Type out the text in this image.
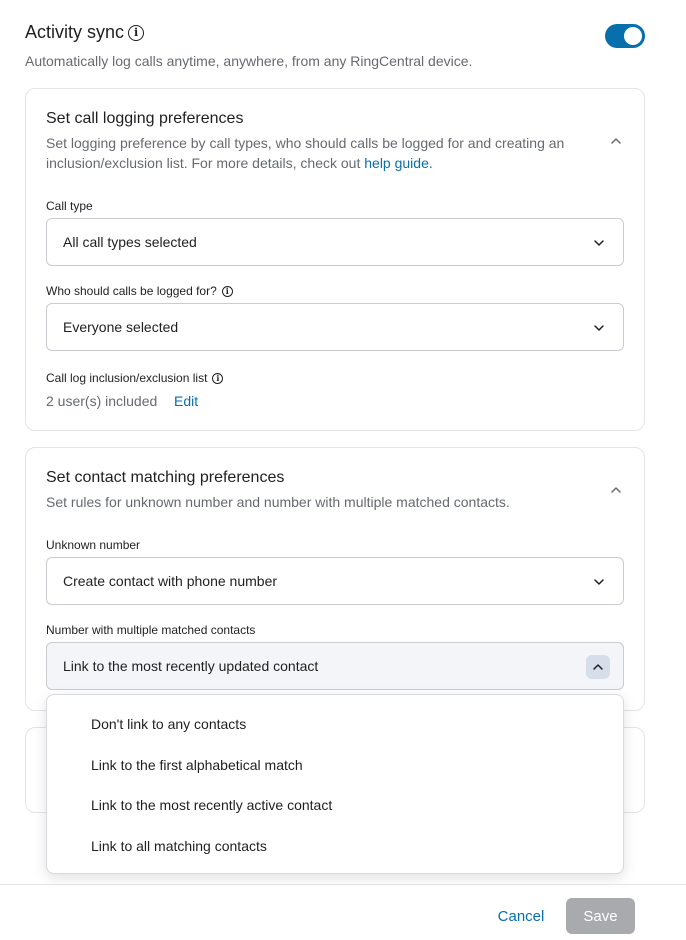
Activity sync i
Automatically log calls anytime, anywhere, from any RingCentral device.
Set call logging preferences
Set logging preference by call types, who should calls be logged for and creating an inclusion/exclusion list. For more details, check out help guide.
Call type
All call types selected
Who should calls be logged for?	i
Everyone selected
Call log inclusion/exclusion list	i
2 user(s) included Edit
Set contact matching preferences
Set rules for unknown number and number with multiple matched contacts.
Unknown number
Create contact with phone number
Number with multiple matched contacts
Link to the most recently updated contact
Don't link to any contacts
Link to the first alphabetical match
Link to the most recently active contact
Link to all matching contacts
Cancel	Save
